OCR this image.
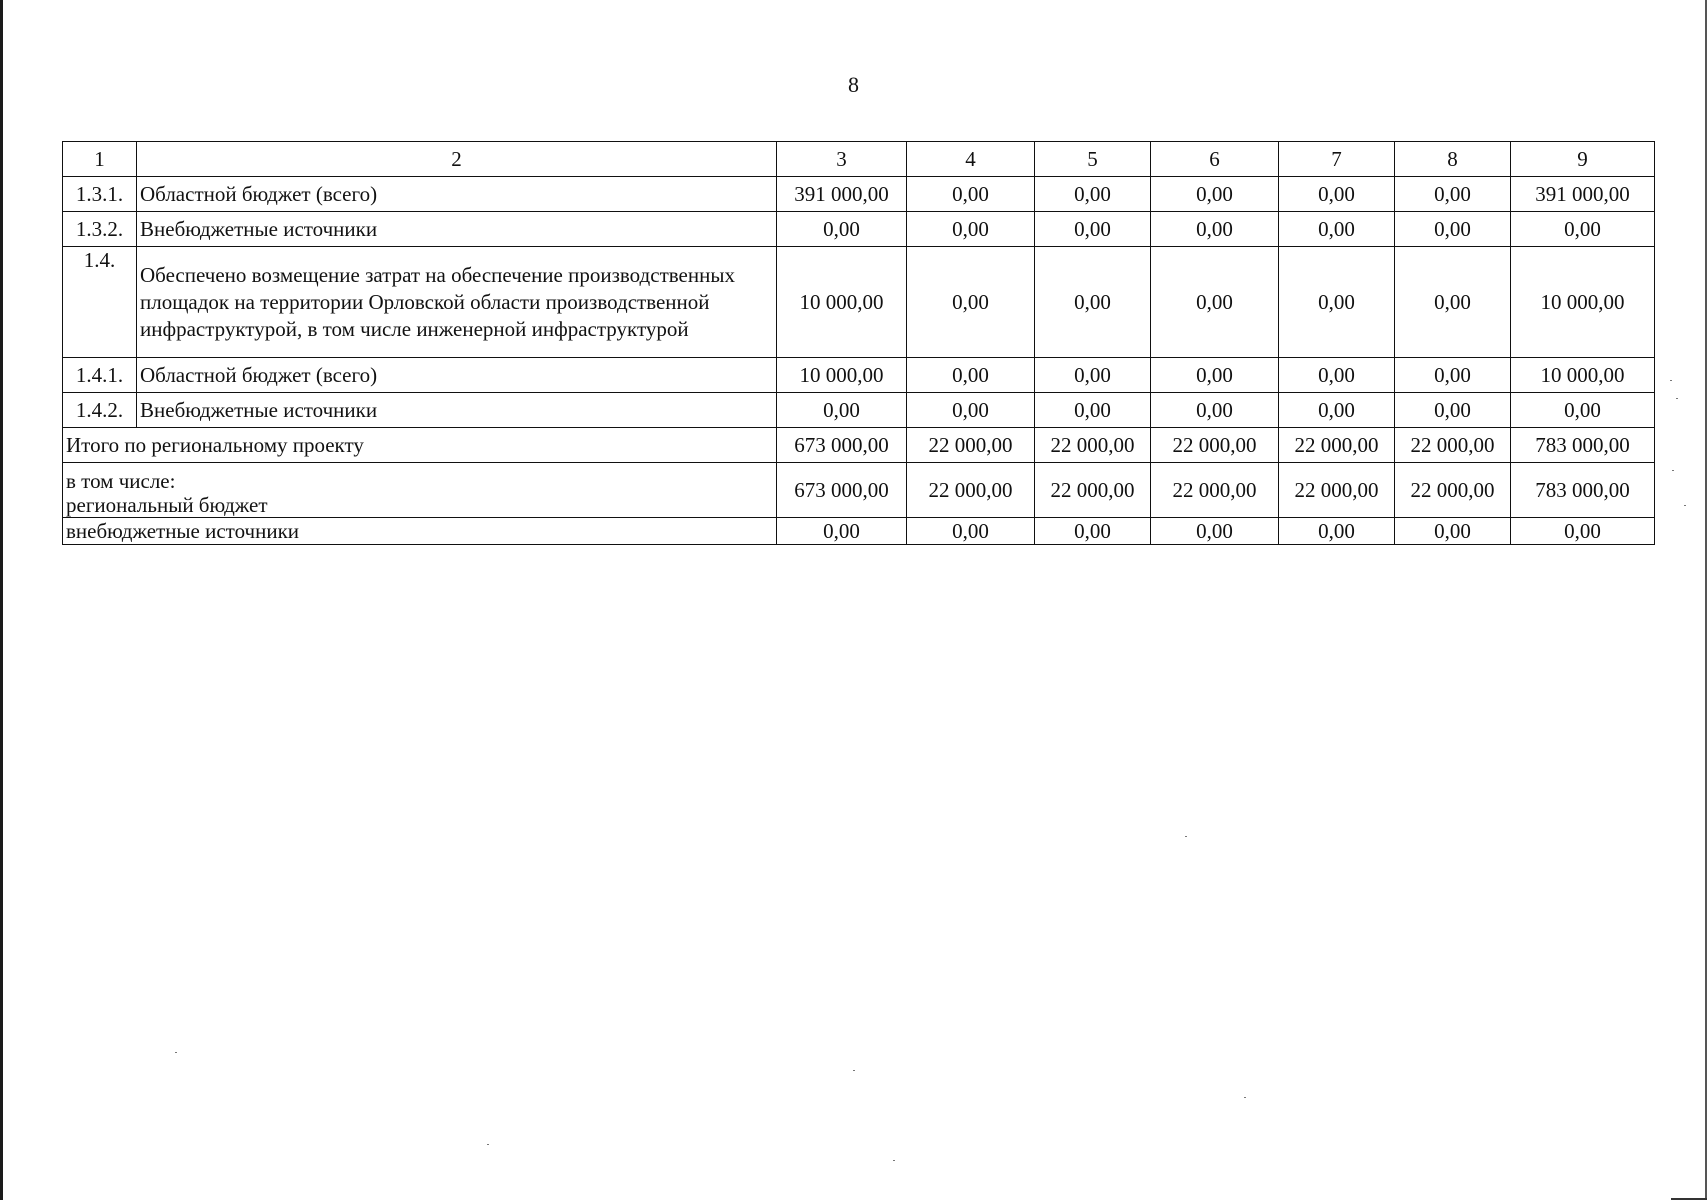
8
1	2	3	4	5	6	7	8	9
1.3.1.	Областной бюджет (всего)	391 000,00	0,00	0,00	0,00	0,00	0,00	391 000,00
1.3.2.	Внебюджетные источники	0,00	0,00	0,00	0,00	0,00	0,00	0,00
1.4.	Обеспечено возмещение затрат на обеспечение производственных площадок на территории Орловской области производственной инфраструктурой, в том числе инженерной инфраструктурой	10 000,00	0,00	0,00	0,00	0,00	0,00	10 000,00
1.4.1.	Областной бюджет (всего)	10 000,00	0,00	0,00	0,00	0,00	0,00	10 000,00
1.4.2.	Внебюджетные источники	0,00	0,00	0,00	0,00	0,00	0,00	0,00
Итого по региональному проекту		673 000,00	22 000,00	22 000,00	22 000,00	22 000,00	22 000,00	783 000,00

в том числе:
региональный бюджет		673 000,00	22 000,00	22 000,00	22 000,00	22 000,00	22 000,00	783 000,00
внебюджетные источники		0,00	0,00	0,00	0,00	0,00	0,00	0,00
